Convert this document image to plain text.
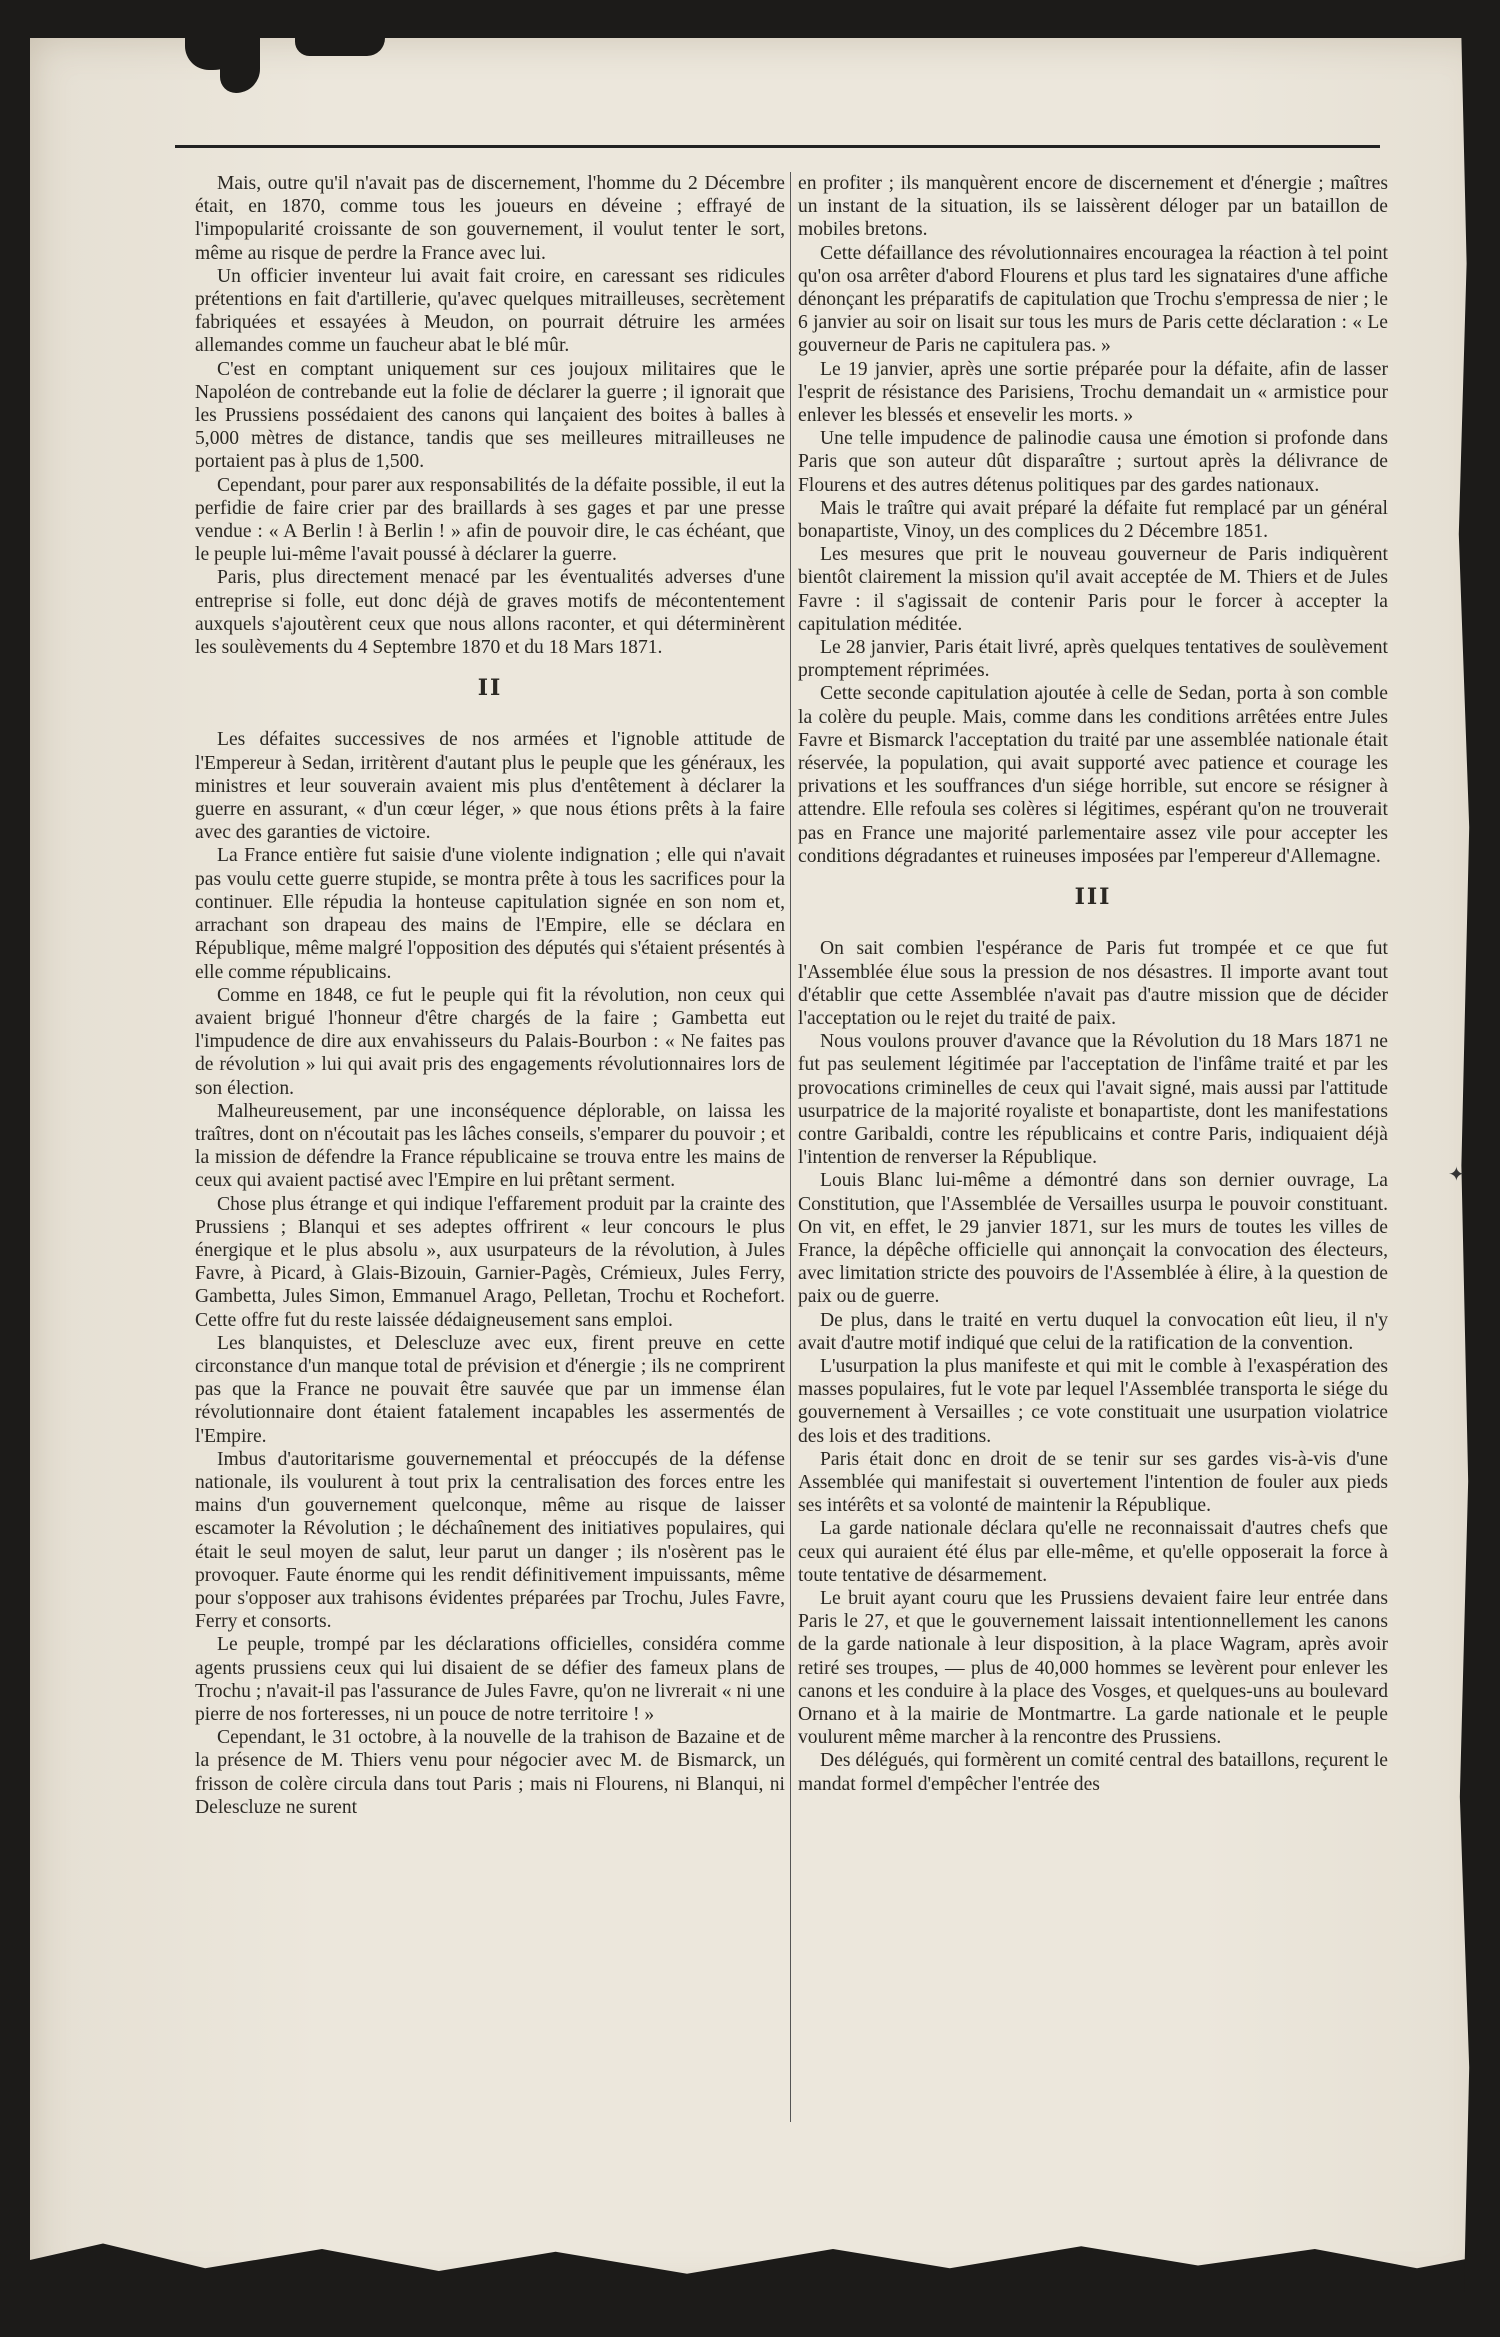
✦

Mais, outre qu'il n'avait pas de discernement, l'homme du 2 Décembre était, en 1870, comme tous les joueurs en déveine ; effrayé de l'impopularité croissante de son gouvernement, il voulut tenter le sort, même au risque de perdre la France avec lui.

Un officier inventeur lui avait fait croire, en caressant ses ridicules prétentions en fait d'artillerie, qu'avec quelques mitrailleuses, secrètement fabriquées et essayées à Meudon, on pourrait détruire les armées allemandes comme un faucheur abat le blé mûr.

C'est en comptant uniquement sur ces joujoux militaires que le Napoléon de contrebande eut la folie de déclarer la guerre ; il ignorait que les Prussiens possédaient des canons qui lançaient des boites à balles à 5,000 mètres de distance, tandis que ses meilleures mitrailleuses ne portaient pas à plus de 1,500.

Cependant, pour parer aux responsabilités de la défaite possible, il eut la perfidie de faire crier par des braillards à ses gages et par une presse vendue : « A Berlin ! à Berlin ! » afin de pouvoir dire, le cas échéant, que le peuple lui-même l'avait poussé à déclarer la guerre.

Paris, plus directement menacé par les éventualités adverses d'une entreprise si folle, eut donc déjà de graves motifs de mécontentement auxquels s'ajoutèrent ceux que nous allons raconter, et qui déterminèrent les soulèvements du 4 Septembre 1870 et du 18 Mars 1871.

II

Les défaites successives de nos armées et l'ignoble attitude de l'Empereur à Sedan, irritèrent d'autant plus le peuple que les généraux, les ministres et leur souverain avaient mis plus d'entêtement à déclarer la guerre en assurant, « d'un cœur léger, » que nous étions prêts à la faire avec des garanties de victoire.

La France entière fut saisie d'une violente indignation ; elle qui n'avait pas voulu cette guerre stupide, se montra prête à tous les sacrifices pour la continuer. Elle répudia la honteuse capitulation signée en son nom et, arrachant son drapeau des mains de l'Empire, elle se déclara en République, même malgré l'opposition des députés qui s'étaient présentés à elle comme républicains.

Comme en 1848, ce fut le peuple qui fit la révolution, non ceux qui avaient brigué l'honneur d'être chargés de la faire ; Gambetta eut l'impudence de dire aux envahisseurs du Palais-Bourbon : « Ne faites pas de révolution » lui qui avait pris des engagements révolutionnaires lors de son élection.

Malheureusement, par une inconséquence déplorable, on laissa les traîtres, dont on n'écoutait pas les lâches conseils, s'emparer du pouvoir ; et la mission de défendre la France républicaine se trouva entre les mains de ceux qui avaient pactisé avec l'Empire en lui prêtant serment.

Chose plus étrange et qui indique l'effarement produit par la crainte des Prussiens ; Blanqui et ses adeptes offrirent « leur concours le plus énergique et le plus absolu », aux usurpateurs de la révolution, à Jules Favre, à Picard, à Glais-Bizouin, Garnier-Pagès, Crémieux, Jules Ferry, Gambetta, Jules Simon, Emmanuel Arago, Pelletan, Trochu et Rochefort. Cette offre fut du reste laissée dédaigneusement sans emploi.

Les blanquistes, et Delescluze avec eux, firent preuve en cette circonstance d'un manque total de prévision et d'énergie ; ils ne comprirent pas que la France ne pouvait être sauvée que par un immense élan révolutionnaire dont étaient fatalement incapables les assermentés de l'Empire.

Imbus d'autoritarisme gouvernemental et préoccupés de la défense nationale, ils voulurent à tout prix la centralisation des forces entre les mains d'un gouvernement quelconque, même au risque de laisser escamoter la Révolution ; le déchaînement des initiatives populaires, qui était le seul moyen de salut, leur parut un danger ; ils n'osèrent pas le provoquer. Faute énorme qui les rendit définitivement impuissants, même pour s'opposer aux trahisons évidentes préparées par Trochu, Jules Favre, Ferry et consorts.

Le peuple, trompé par les déclarations officielles, considéra comme agents prussiens ceux qui lui disaient de se défier des fameux plans de Trochu ; n'avait-il pas l'assurance de Jules Favre, qu'on ne livrerait « ni une pierre de nos forteresses, ni un pouce de notre territoire ! »

Cependant, le 31 octobre, à la nouvelle de la trahison de Bazaine et de la présence de M. Thiers venu pour négocier avec M. de Bismarck, un frisson de colère circula dans tout Paris ; mais ni Flourens, ni Blanqui, ni Delescluze ne surent

en profiter ; ils manquèrent encore de discernement et d'énergie ; maîtres un instant de la situation, ils se laissèrent déloger par un bataillon de mobiles bretons.

Cette défaillance des révolutionnaires encouragea la réaction à tel point qu'on osa arrêter d'abord Flourens et plus tard les signataires d'une affiche dénonçant les préparatifs de capitulation que Trochu s'empressa de nier ; le 6 janvier au soir on lisait sur tous les murs de Paris cette déclaration : « Le gouverneur de Paris ne capitulera pas. »

Le 19 janvier, après une sortie préparée pour la défaite, afin de lasser l'esprit de résistance des Parisiens, Trochu demandait un « armistice pour enlever les blessés et ensevelir les morts. »

Une telle impudence de palinodie causa une émotion si profonde dans Paris que son auteur dût disparaître ; surtout après la délivrance de Flourens et des autres détenus politiques par des gardes nationaux.

Mais le traître qui avait préparé la défaite fut remplacé par un général bonapartiste, Vinoy, un des complices du 2 Décembre 1851.

Les mesures que prit le nouveau gouverneur de Paris indiquèrent bientôt clairement la mission qu'il avait acceptée de M. Thiers et de Jules Favre : il s'agissait de contenir Paris pour le forcer à accepter la capitulation méditée.

Le 28 janvier, Paris était livré, après quelques tentatives de soulèvement promptement réprimées.

Cette seconde capitulation ajoutée à celle de Sedan, porta à son comble la colère du peuple. Mais, comme dans les conditions arrêtées entre Jules Favre et Bismarck l'acceptation du traité par une assemblée nationale était réservée, la population, qui avait supporté avec patience et courage les privations et les souffrances d'un siége horrible, sut encore se résigner à attendre. Elle refoula ses colères si légitimes, espérant qu'on ne trouverait pas en France une majorité parlementaire assez vile pour accepter les conditions dégradantes et ruineuses imposées par l'empereur d'Allemagne.

III

On sait combien l'espérance de Paris fut trompée et ce que fut l'Assemblée élue sous la pression de nos désastres. Il importe avant tout d'établir que cette Assemblée n'avait pas d'autre mission que de décider l'acceptation ou le rejet du traité de paix.

Nous voulons prouver d'avance que la Révolution du 18 Mars 1871 ne fut pas seulement légitimée par l'acceptation de l'infâme traité et par les provocations criminelles de ceux qui l'avait signé, mais aussi par l'attitude usurpatrice de la majorité royaliste et bonapartiste, dont les manifestations contre Garibaldi, contre les républicains et contre Paris, indiquaient déjà l'intention de renverser la République.

Louis Blanc lui-même a démontré dans son dernier ouvrage, La Constitution, que l'Assemblée de Versailles usurpa le pouvoir constituant. On vit, en effet, le 29 janvier 1871, sur les murs de toutes les villes de France, la dépêche officielle qui annonçait la convocation des électeurs, avec limitation stricte des pouvoirs de l'Assemblée à élire, à la question de paix ou de guerre.

De plus, dans le traité en vertu duquel la convocation eût lieu, il n'y avait d'autre motif indiqué que celui de la ratification de la convention.

L'usurpation la plus manifeste et qui mit le comble à l'exaspération des masses populaires, fut le vote par lequel l'Assemblée transporta le siége du gouvernement à Versailles ; ce vote constituait une usurpation violatrice des lois et des traditions.

Paris était donc en droit de se tenir sur ses gardes vis-à-vis d'une Assemblée qui manifestait si ouvertement l'intention de fouler aux pieds ses intérêts et sa volonté de maintenir la République.

La garde nationale déclara qu'elle ne reconnaissait d'autres chefs que ceux qui auraient été élus par elle-même, et qu'elle opposerait la force à toute tentative de désarmement.

Le bruit ayant couru que les Prussiens devaient faire leur entrée dans Paris le 27, et que le gouvernement laissait intentionnellement les canons de la garde nationale à leur disposition, à la place Wagram, après avoir retiré ses troupes, — plus de 40,000 hommes se levèrent pour enlever les canons et les conduire à la place des Vosges, et quelques-uns au boulevard Ornano et à la mairie de Montmartre. La garde nationale et le peuple voulurent même marcher à la rencontre des Prussiens.

Des délégués, qui formèrent un comité central des bataillons, reçurent le mandat formel d'empêcher l'entrée des
